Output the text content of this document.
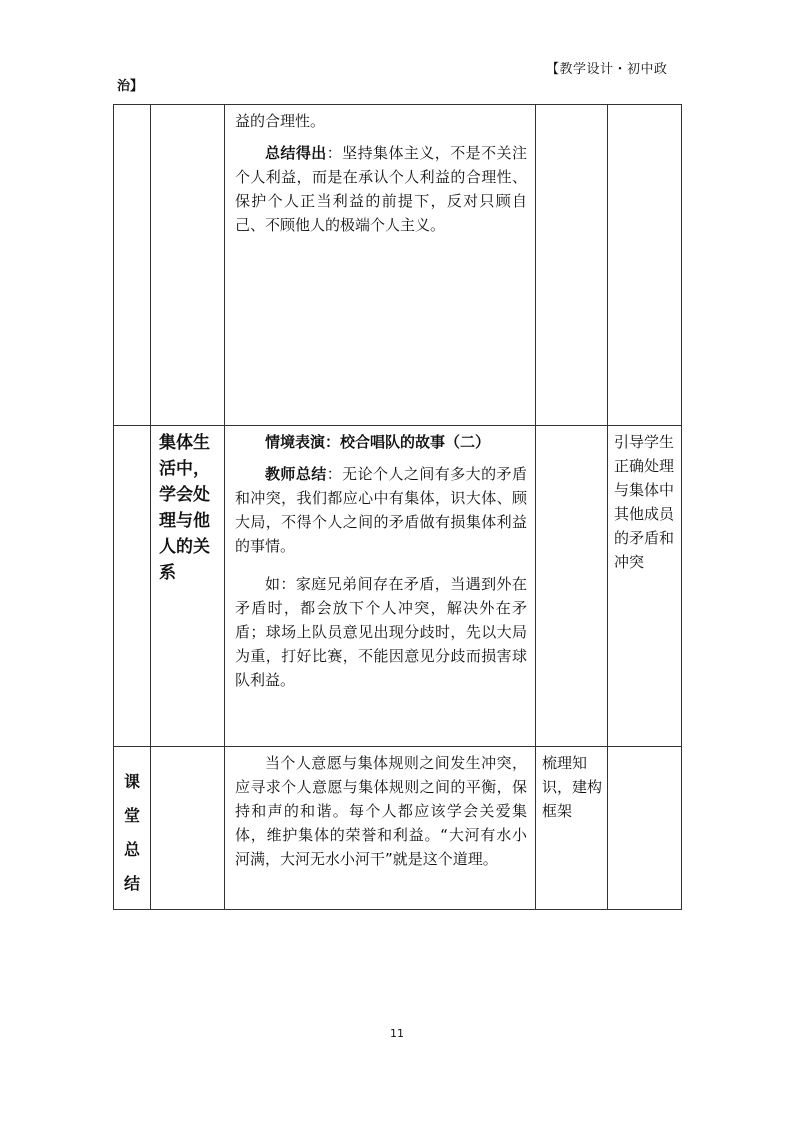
【教学设计・初中政
治】

		益的合理性。

总结得出：坚持集体主义，不是不关注个人利益，而是在承认个人利益的合理性、保护个人正当利益的前提下，反对只顾自己、不顾他人的极端个人主义。		

	集体生活中，学会处理与他人的关系	情境表演：校合唱队的故事（二）

教师总结：无论个人之间有多大的矛盾和冲突，我们都应心中有集体，识大体、顾大局，不得个人之间的矛盾做有损集体利益的事情。

如：家庭兄弟间存在矛盾，当遇到外在矛盾时，都会放下个人冲突，解决外在矛盾；球场上队员意见出现分歧时，先以大局为重，打好比赛，不能因意见分歧而损害球队利益。		引导学生正确处理与集体中其他成员的矛盾和冲突

课
堂
总
结		当个人意愿与集体规则之间发生冲突，应寻求个人意愿与集体规则之间的平衡，保持和声的和谐。每个人都应该学会关爱集体，维护集体的荣誉和利益。“大河有水小河满，大河无水小河干”就是这个道理。	梳理知识，建构框架	

11
